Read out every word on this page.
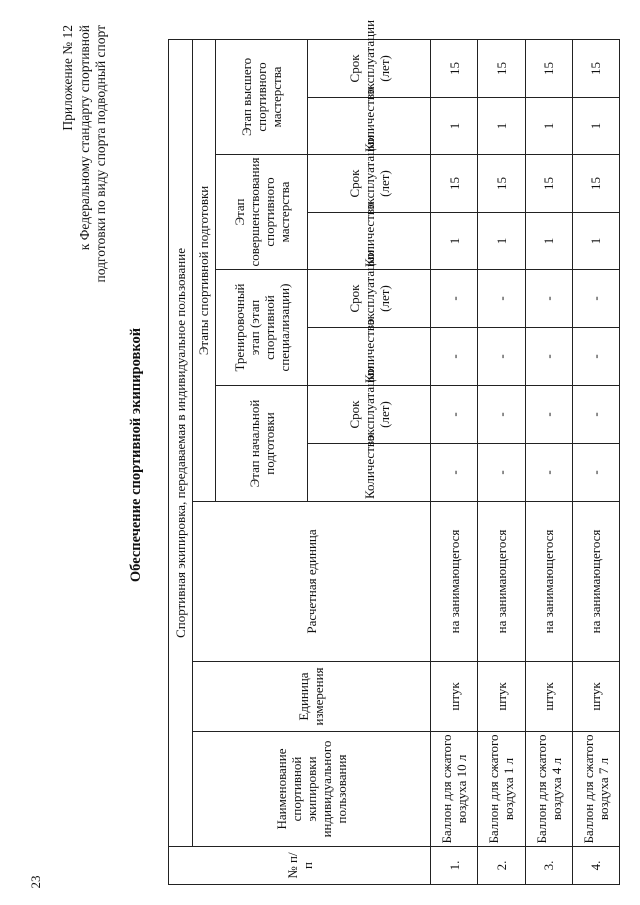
23
Приложение № 12 к Федеральному стандарту спортивной подготовки по виду спорта подводный спорт
Обеспечение спортивной экипировкой
№ п/п	Спортивная экипировка, передаваемая в индивидуальное пользование										
	Наименование спортивной экипировки индивидуального пользования	Единица измерения	Расчетная единица	Этапы спортивной подготовки							
				Этап начальной подготовки		Тренировочный этап (этап спортивной специализации)		Этап совершенствования спортивного мастерства		Этап высшего спортивного мастерства	
				Количество	Срок эксплуатации (лет)	Количество	Срок эксплуатации (лет)	Количество	Срок эксплуатации (лет)	Количество	Срок эксплуатации (лет)
1.	Баллон для сжатого воздуха 10 л	штук	на занимающегося	-	-	-	-	1	15	1	15
2.	Баллон для сжатого воздуха 1 л	штук	на занимающегося	-	-	-	-	1	15	1	15
3.	Баллон для сжатого воздуха 4 л	штук	на занимающегося	-	-	-	-	1	15	1	15
4.	Баллон для сжатого воздуха 7 л	штук	на занимающегося	-	-	-	-	1	15	1	15
